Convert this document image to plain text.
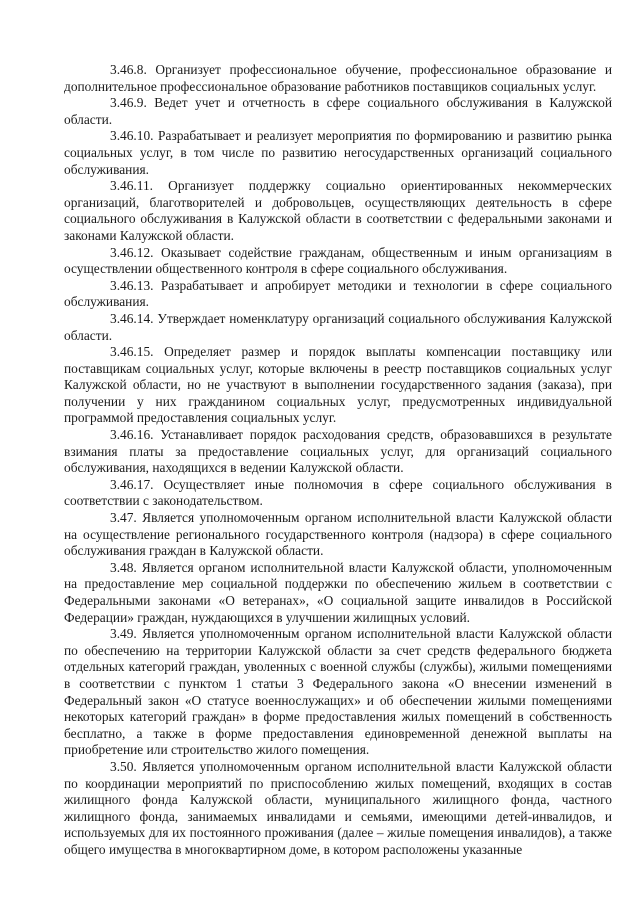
3.46.8. Организует профессиональное обучение, профессиональное образование и дополнительное профессиональное образование работников поставщиков социальных услуг.

3.46.9. Ведет учет и отчетность в сфере социального обслуживания в Калужской области.

3.46.10. Разрабатывает и реализует мероприятия по формированию и развитию рынка социальных услуг, в том числе по развитию негосударственных организаций социального обслуживания.

3.46.11. Организует поддержку социально ориентированных некоммерческих организаций, благотворителей и добровольцев, осуществляющих деятельность в сфере социального обслуживания в Калужской области в соответствии с федеральными законами и законами Калужской области.

3.46.12. Оказывает содействие гражданам, общественным и иным организациям в осуществлении общественного контроля в сфере социального обслуживания.

3.46.13. Разрабатывает и апробирует методики и технологии в сфере социального обслуживания.

3.46.14. Утверждает номенклатуру организаций социального обслуживания Калужской области.

3.46.15. Определяет размер и порядок выплаты компенсации поставщику или поставщикам социальных услуг, которые включены в реестр поставщиков социальных услуг Калужской области, но не участвуют в выполнении государственного задания (заказа), при получении у них гражданином социальных услуг, предусмотренных индивидуальной программой предоставления социальных услуг.

3.46.16. Устанавливает порядок расходования средств, образовавшихся в результате взимания платы за предоставление социальных услуг, для организаций социального обслуживания, находящихся в ведении Калужской области.

3.46.17. Осуществляет иные полномочия в сфере социального обслуживания в соответствии с законодательством.

3.47. Является уполномоченным органом исполнительной власти Калужской области на осуществление регионального государственного контроля (надзора) в сфере социального обслуживания граждан в Калужской области.

3.48. Является органом исполнительной власти Калужской области, уполномоченным на предоставление мер социальной поддержки по обеспечению жильем в соответствии с Федеральными законами «О ветеранах», «О социальной защите инвалидов в Российской Федерации» граждан, нуждающихся в улучшении жилищных условий.

3.49. Является уполномоченным органом исполнительной власти Калужской области по обеспечению на территории Калужской области за счет средств федерального бюджета отдельных категорий граждан, уволенных с военной службы (службы), жилыми помещениями в соответствии с пунктом 1 статьи 3 Федерального закона «О внесении изменений в Федеральный закон «О статусе военнослужащих» и об обеспечении жилыми помещениями некоторых категорий граждан» в форме предоставления жилых помещений в собственность бесплатно, а также в форме предоставления единовременной денежной выплаты на приобретение или строительство жилого помещения.

3.50. Является уполномоченным органом исполнительной власти Калужской области по координации мероприятий по приспособлению жилых помещений, входящих в состав жилищного фонда Калужской области, муниципального жилищного фонда, частного жилищного фонда, занимаемых инвалидами и семьями, имеющими детей-инвалидов, и используемых для их постоянного проживания (далее – жилые помещения инвалидов), а также общего имущества в многоквартирном доме, в котором расположены указанные
